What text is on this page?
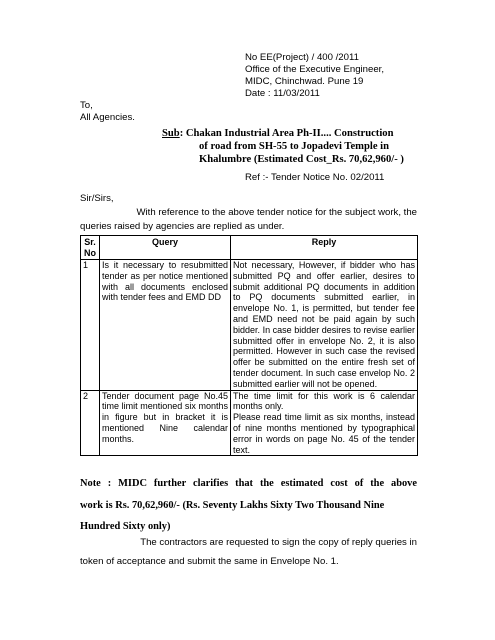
No EE(Project) / 400 /2011
Office of the Executive Engineer,
MIDC, Chinchwad. Pune 19
Date : 11/03/2011
To,
All Agencies.
Sub: Chakan Industrial Area Ph-II.... Construction
of road from SH-55 to Jopadevi Temple in
Khalumbre (Estimated Cost_Rs. 70,62,960/- )
Ref :- Tender Notice No. 02/2011
Sir/Sirs,
With reference to the above tender notice for the subject work, the
queries raised by agencies are replied as under.
Sr. No	Query	Reply
1	Is it necessary to resubmitted tender as per notice mentioned with all documents enclosed with tender fees and EMD DD	Not necessary, However, if bidder who has submitted PQ and offer earlier, desires to submit additional PQ documents in addition to PQ documents submitted earlier, in envelope No. 1, is permitted, but tender fee and EMD need not be paid again by such bidder. In case bidder desires to revise earlier submitted offer in envelope No. 2, it is also permitted. However in such case the revised offer be submitted on the entire fresh set of tender document. In such case envelop No. 2 submitted earlier will not be opened.
2	Tender document page No.45 time limit mentioned six months in figure but in bracket it is mentioned Nine calendar months.	The time limit for this work is 6 calendar months only.
Please read time limit as six months, instead of nine months mentioned by typographical error in words on page No. 45 of the tender text.
Note : MIDC further clarifies that the estimated cost of the above
work is Rs. 70,62,960/- (Rs. Seventy Lakhs Sixty Two Thousand Nine
Hundred Sixty only)
The contractors are requested to sign the copy of reply queries in
token of acceptance and submit the same in Envelope No. 1.
